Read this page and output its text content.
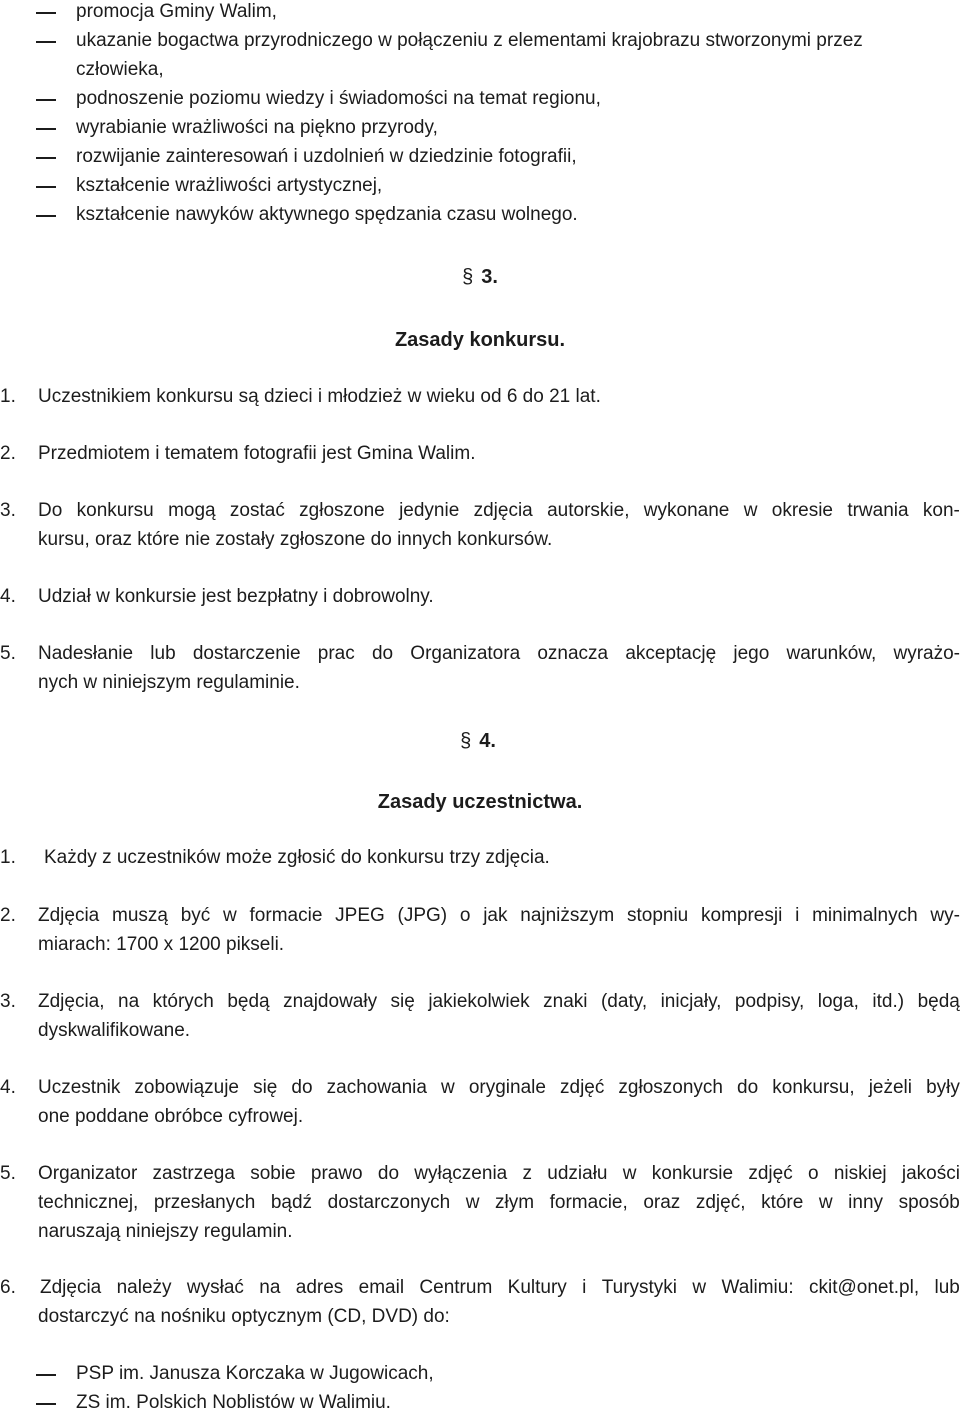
promocja Gminy Walim,
ukazanie bogactwa przyrodniczego w połączeniu z elementami krajobrazu stworzonymi przez
człowieka,
podnoszenie poziomu wiedzy i świadomości na temat regionu,
wyrabianie wrażliwości na piękno przyrody,
rozwijanie zainteresowań i uzdolnień w dziedzinie fotografii,
kształcenie wrażliwości artystycznej,
kształcenie nawyków aktywnego spędzania czasu wolnego.
§ 3.
Zasady konkursu.
1. Uczestnikiem konkursu są dzieci i młodzież w wieku od 6 do 21 lat.
2. Przedmiotem i tematem fotografii jest Gmina Walim.
3. Do konkursu mogą zostać zgłoszone jedynie zdjęcia autorskie, wykonane w okresie trwania kon-
kursu, oraz które nie zostały zgłoszone do innych konkursów.
4. Udział w konkursie jest bezpłatny i dobrowolny.
5. Nadesłanie lub dostarczenie prac do Organizatora oznacza akceptację jego warunków, wyrażo-
nych w niniejszym regulaminie.
§ 4.
Zasady uczestnictwa.
1. Każdy z uczestników może zgłosić do konkursu trzy zdjęcia.
2. Zdjęcia muszą być w formacie JPEG (JPG) o jak najniższym stopniu kompresji i minimalnych wy-
miarach: 1700 x 1200 pikseli.
3. Zdjęcia, na których będą znajdowały się jakiekolwiek znaki (daty, inicjały, podpisy, loga, itd.) będą
dyskwalifikowane.
4. Uczestnik zobowiązuje się do zachowania w oryginale zdjęć zgłoszonych do konkursu, jeżeli były
one poddane obróbce cyfrowej.
5. Organizator zastrzega sobie prawo do wyłączenia z udziału w konkursie zdjęć o niskiej jakości
technicznej, przesłanych bądź dostarczonych w złym formacie, oraz zdjęć, które w inny sposób
naruszają niniejszy regulamin.
6. Zdjęcia należy wysłać na adres email Centrum Kultury i Turystyki w Walimiu: ckit@onet.pl, lub
dostarczyć na nośniku optycznym (CD, DVD) do:
PSP im. Janusza Korczaka w Jugowicach,
ZS im. Polskich Noblistów w Walimiu.
